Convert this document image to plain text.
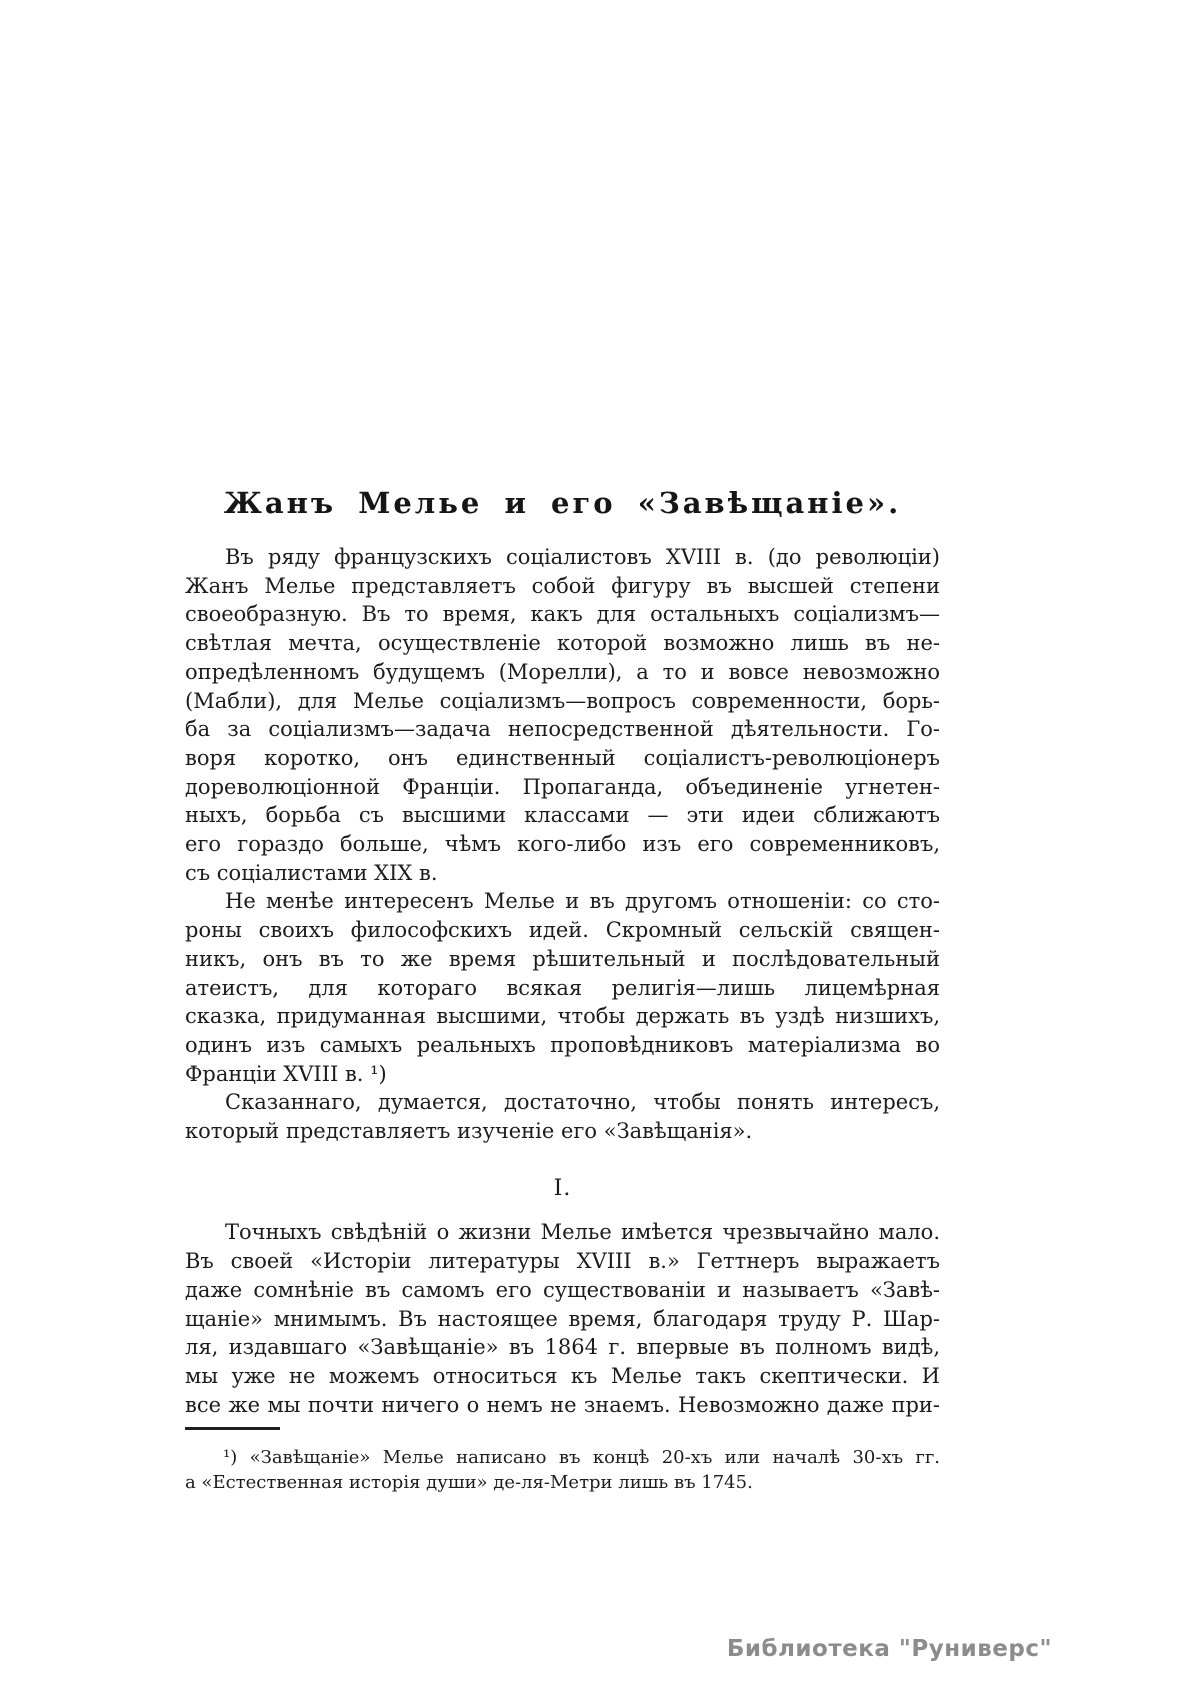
Жанъ Мелье и его «Завѣщаніе».
Въ ряду французскихъ соціалистовъ XVIII в. (до революціи)
Жанъ Мелье представляетъ собой фигуру въ высшей степени
своеобразную. Въ то время, какъ для остальныхъ соціализмъ—
свѣтлая мечта, осуществленіе которой возможно лишь въ не-
опредѣленномъ будущемъ (Морелли), а то и вовсе невозможно
(Мабли), для Мелье соціализмъ—вопросъ современности, борь-
ба за соціализмъ—задача непосредственной дѣятельности. Го-
воря коротко, онъ единственный соціалистъ-революціонеръ
дореволюціонной Франціи. Пропаганда, объединеніе угнетен-
ныхъ, борьба съ высшими классами — эти идеи сближаютъ
его гораздо больше, чѣмъ кого-либо изъ его современниковъ,
съ соціалистами XIX в.
Не менѣе интересенъ Мелье и въ другомъ отношеніи: со сто-
роны своихъ философскихъ идей. Скромный сельскій священ-
никъ, онъ въ то же время рѣшительный и послѣдовательный
атеистъ, для котораго всякая религія—лишь лицемѣрная
сказка, придуманная высшими, чтобы держать въ уздѣ низшихъ,
одинъ изъ самыхъ реальныхъ проповѣдниковъ матеріализма во
Франціи XVIII в. ¹)
Сказаннаго, думается, достаточно, чтобы понять интересъ,
который представляетъ изученіе его «Завѣщанія».
I.
Точныхъ свѣдѣній о жизни Мелье имѣется чрезвычайно мало.
Въ своей «Исторіи литературы XVIII в.» Геттнеръ выражаетъ
даже сомнѣніе въ самомъ его существованіи и называетъ «Завѣ-
щаніе» мнимымъ. Въ настоящее время, благодаря труду Р. Шар-
ля, издавшаго «Завѣщаніе» въ 1864 г. впервые въ полномъ видѣ,
мы уже не можемъ относиться къ Мелье такъ скептически. И
все же мы почти ничего о немъ не знаемъ. Невозможно даже при-
¹) «Завѣщаніе» Мелье написано въ концѣ 20-хъ или началѣ 30-хъ гг.
а «Естественная исторія души» де-ля-Метри лишь въ 1745.
Библиотека "Руниверс"
